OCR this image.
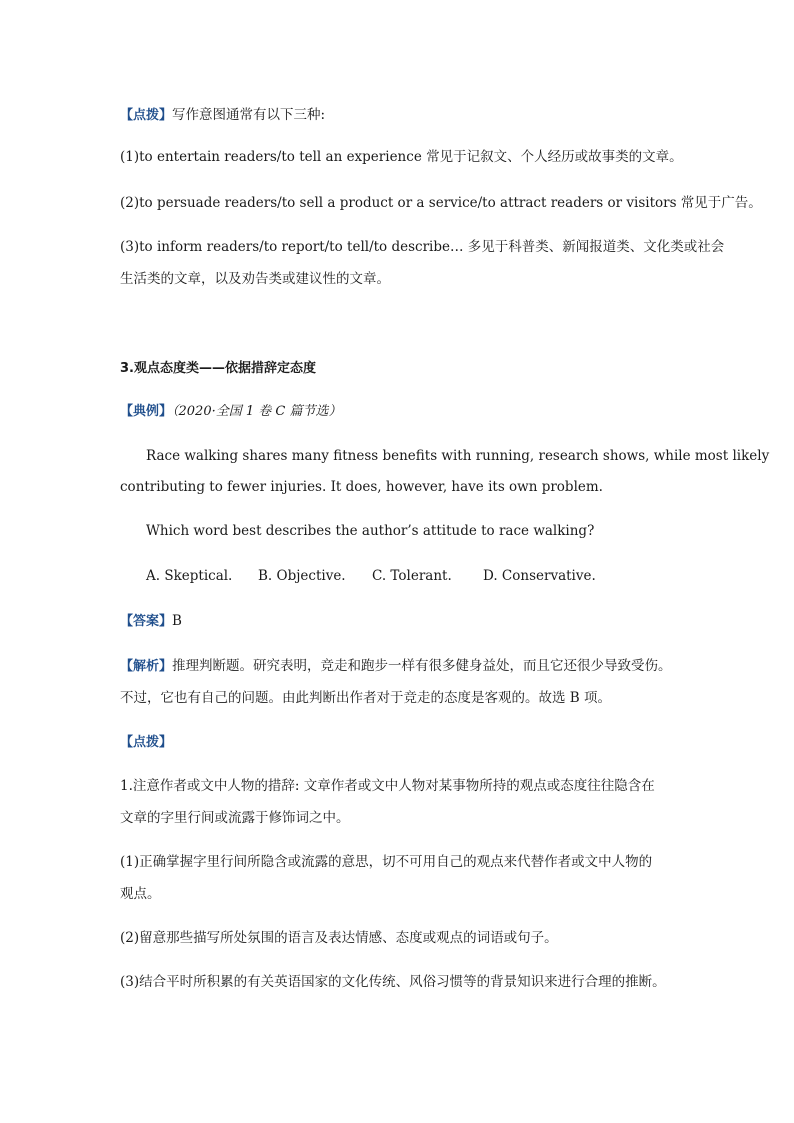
【点拨】写作意图通常有以下三种:
(1)to entertain readers/to tell an experience 常见于记叙文、个人经历或故事类的文章。
(2)to persuade readers/to sell a product or a service/to attract readers or visitors 常见于广告。
(3)to inform readers/to report/to tell/to describe… 多见于科普类、新闻报道类、文化类或社会
生活类的文章，以及劝告类或建议性的文章。
3.观点态度类——依据措辞定态度
【典例】（2020·全国 1 卷 C 篇节选）
Race walking shares many fitness benefits with running, research shows, while most likely
contributing to fewer injuries. It does, however, have its own problem.
Which word best describes the author’s attitude to race walking?
A. Skeptical. B. Objective. C. Tolerant. D. Conservative.
【答案】B
【解析】推理判断题。研究表明，竞走和跑步一样有很多健身益处，而且它还很少导致受伤。
不过，它也有自己的问题。由此判断出作者对于竞走的态度是客观的。故选 B 项。
【点拨】
1.注意作者或文中人物的措辞: 文章作者或文中人物对某事物所持的观点或态度往往隐含在
文章的字里行间或流露于修饰词之中。
(1)正确掌握字里行间所隐含或流露的意思，切不可用自己的观点来代替作者或文中人物的
观点。
(2)留意那些描写所处氛围的语言及表达情感、态度或观点的词语或句子。
(3)结合平时所积累的有关英语国家的文化传统、风俗习惯等的背景知识来进行合理的推断。
